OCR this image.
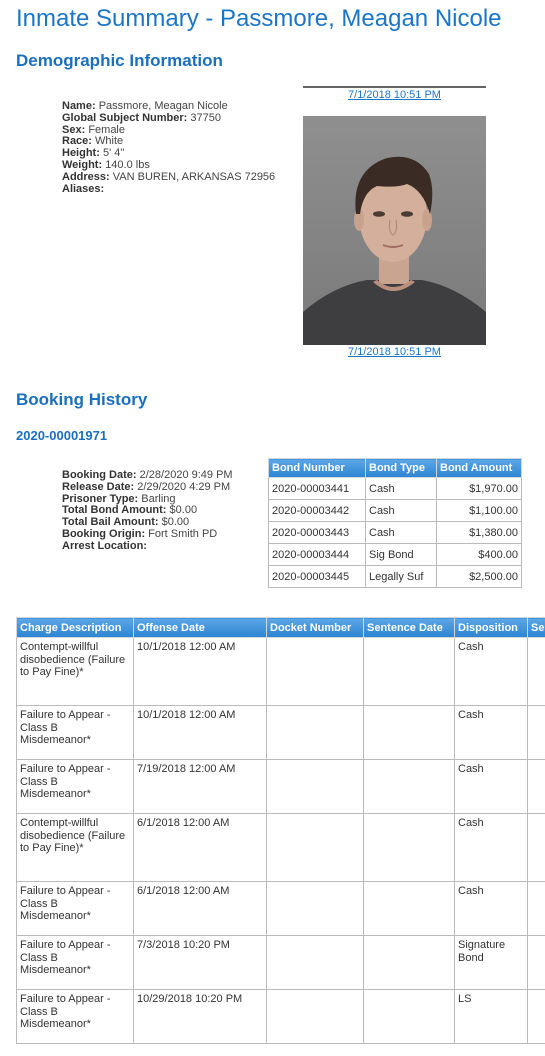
Inmate Summary - Passmore, Meagan Nicole
Demographic Information
Name: Passmore, Meagan Nicole
Global Subject Number: 37750
Sex: Female
Race: White
Height: 5' 4"
Weight: 140.0 lbs
Address: VAN BUREN, ARKANSAS 72956
Aliases:
7/1/2018 10:51 PM
7/1/2018 10:51 PM
Booking History
2020-00001971
Booking Date: 2/28/2020 9:49 PM
Release Date: 2/29/2020 4:29 PM
Prisoner Type: Barling
Total Bond Amount: $0.00
Total Bail Amount: $0.00
Booking Origin: Fort Smith PD
Arrest Location:
Bond Number	Bond Type	Bond Amount
2020-00003441	Cash	$1,970.00
2020-00003442	Cash	$1,100.00
2020-00003443	Cash	$1,380.00
2020-00003444	Sig Bond	$400.00
2020-00003445	Legally Suf	$2,500.00
Charge Description	Offense Date	Docket Number	Sentence Date	Disposition	Se
Contempt-willful disobedience (Failure to Pay Fine)*	10/1/2018 12:00 AM			Cash	
Failure to Appear - Class B Misdemeanor*	10/1/2018 12:00 AM			Cash	
Failure to Appear - Class B Misdemeanor*	7/19/2018 12:00 AM			Cash	
Contempt-willful disobedience (Failure to Pay Fine)*	6/1/2018 12:00 AM			Cash	
Failure to Appear - Class B Misdemeanor*	6/1/2018 12:00 AM			Cash	
Failure to Appear - Class B Misdemeanor*	7/3/2018 10:20 PM			Signature Bond	
Failure to Appear - Class B Misdemeanor*	10/29/2018 10:20 PM			LS	
